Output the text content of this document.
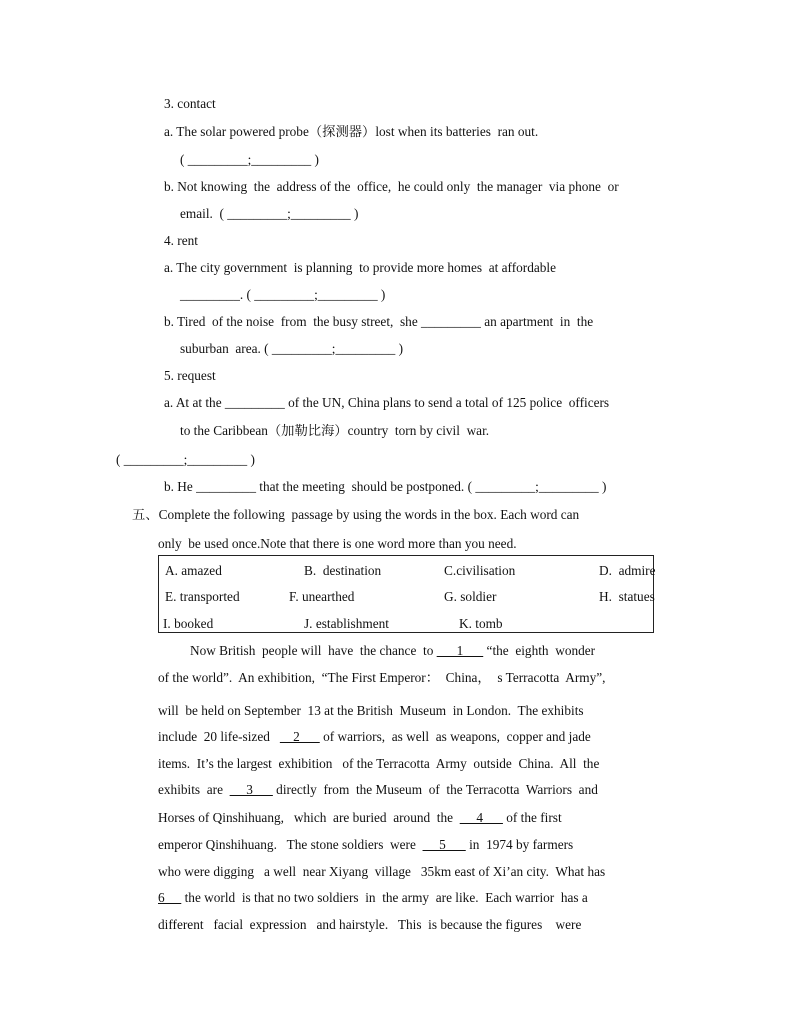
3. contact
a. The solar powered probe（探测器）lost when its batteries  ran out.
( _________;_________ )
b. Not knowing  the  address of the  office,  he could only  the manager  via phone  or
email.  ( _________;_________ )
4. rent
a. The city government  is planning  to provide more homes  at affordable
_________. ( _________;_________ )
b. Tired  of the noise  from  the busy street,  she _________ an apartment  in  the
suburban  area. ( _________;_________ )
5. request
a. At at the _________ of the UN, China plans to send a total of 125 police  officers
to the Caribbean（加勒比海）country  torn by civil  war.
( _________;_________ )
b. He _________ that the meeting  should be postponed. ( _________;_________ )
五、Complete the following  passage by using the words in the box. Each word can
only  be used once.Note that there is one word more than you need.
A. amazed	B.  destination	C.civilisation	D.  admire
E. transported	F. unearthed	G. soldier	H.  statues
I. booked	J. establishment	K. tomb
Now British  people will  have  the chance  to       1       “the  eighth  wonder
of the world”.  An exhibition,  “The First Emperor：  China，  s Terracotta  Army”,
will  be held on September  13 at the British  Museum  in London.  The exhibits
include  20 life-sized       2       of warriors,  as well  as weapons,  copper and jade
items.  It’s the largest  exhibition   of the Terracotta  Army  outside  China.  All  the
exhibits  are       3       directly  from  the Museum  of  the Terracotta  Warriors  and
Horses of Qinshihuang,   which  are buried  around  the       4       of the first
emperor Qinshihuang.   The stone soldiers  were       5       in  1974 by farmers
who were digging   a well  near Xiyang  village   35km east of Xi’an city.  What has
6      the world  is that no two soldiers  in  the army  are like.  Each warrior  has a
different   facial  expression   and hairstyle.   This  is because the figures    were
